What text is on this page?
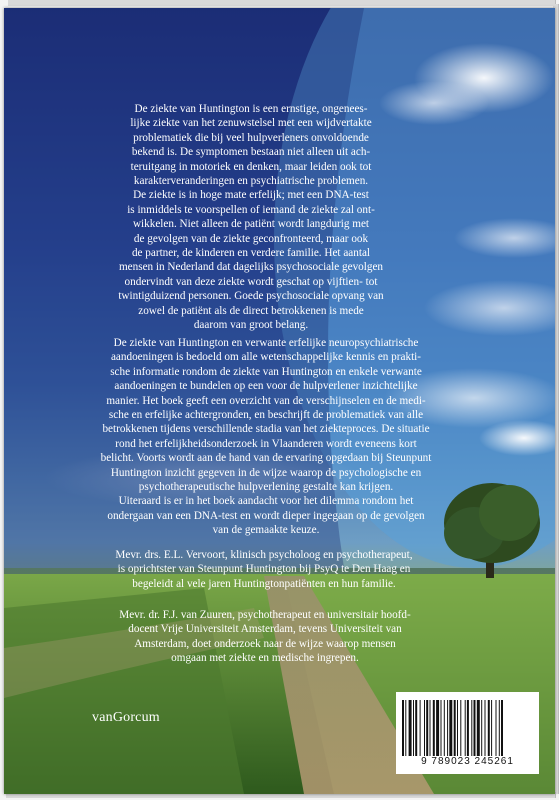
De ziekte van Huntington is een ernstige, ongenees-

lijke ziekte van het zenuwstelsel met een wijdvertakte

problematiek die bij veel hulpverleners onvoldoende

bekend is. De symptomen bestaan niet alleen uit ach-

teruitgang in motoriek en denken, maar leiden ook tot

karakterveranderingen en psychiatrische problemen.

De ziekte is in hoge mate erfelijk; met een DNA-test

is inmiddels te voorspellen of iemand de ziekte zal ont-

wikkelen. Niet alleen de patiënt wordt langdurig met

de gevolgen van de ziekte geconfronteerd, maar ook

de partner, de kinderen en verdere familie. Het aantal

mensen in Nederland dat dagelijks psychosociale gevolgen

ondervindt van deze ziekte wordt geschat op vijftien- tot

twintigduizend personen. Goede psychosociale opvang van

zowel de patiënt als de direct betrokkenen is mede

daarom van groot belang.

De ziekte van Huntington en verwante erfelijke neuropsychiatrische

aandoeningen is bedoeld om alle wetenschappelijke kennis en prakti-

sche informatie rondom de ziekte van Huntington en enkele verwante

aandoeningen te bundelen op een voor de hulpverlener inzichtelijke

manier. Het boek geeft een overzicht van de verschijnselen en de medi-

sche en erfelijke achtergronden, en beschrijft de problematiek van alle

betrokkenen tijdens verschillende stadia van het ziekteproces. De situatie

rond het erfelijkheidsonderzoek in Vlaanderen wordt eveneens kort

belicht. Voorts wordt aan de hand van de ervaring opgedaan bij Steunpunt

Huntington inzicht gegeven in de wijze waarop de psychologische en

psychotherapeutische hulpverlening gestalte kan krijgen.

Uiteraard is er in het boek aandacht voor het dilemma rondom het

ondergaan van een DNA-test en wordt dieper ingegaan op de gevolgen

van de gemaakte keuze.

Mevr. drs. E.L. Vervoort, klinisch psycholoog en psychotherapeut,

is oprichtster van Steunpunt Huntington bij PsyQ te Den Haag en

begeleidt al vele jaren Huntingtonpatiënten en hun familie.

Mevr. dr. F.J. van Zuuren, psychotherapeut en universitair hoofd-

docent Vrije Universiteit Amsterdam, tevens Universiteit van

Amsterdam, doet onderzoek naar de wijze waarop mensen

omgaan met ziekte en medische ingrepen.

vanGorcum
9 789023 245261
